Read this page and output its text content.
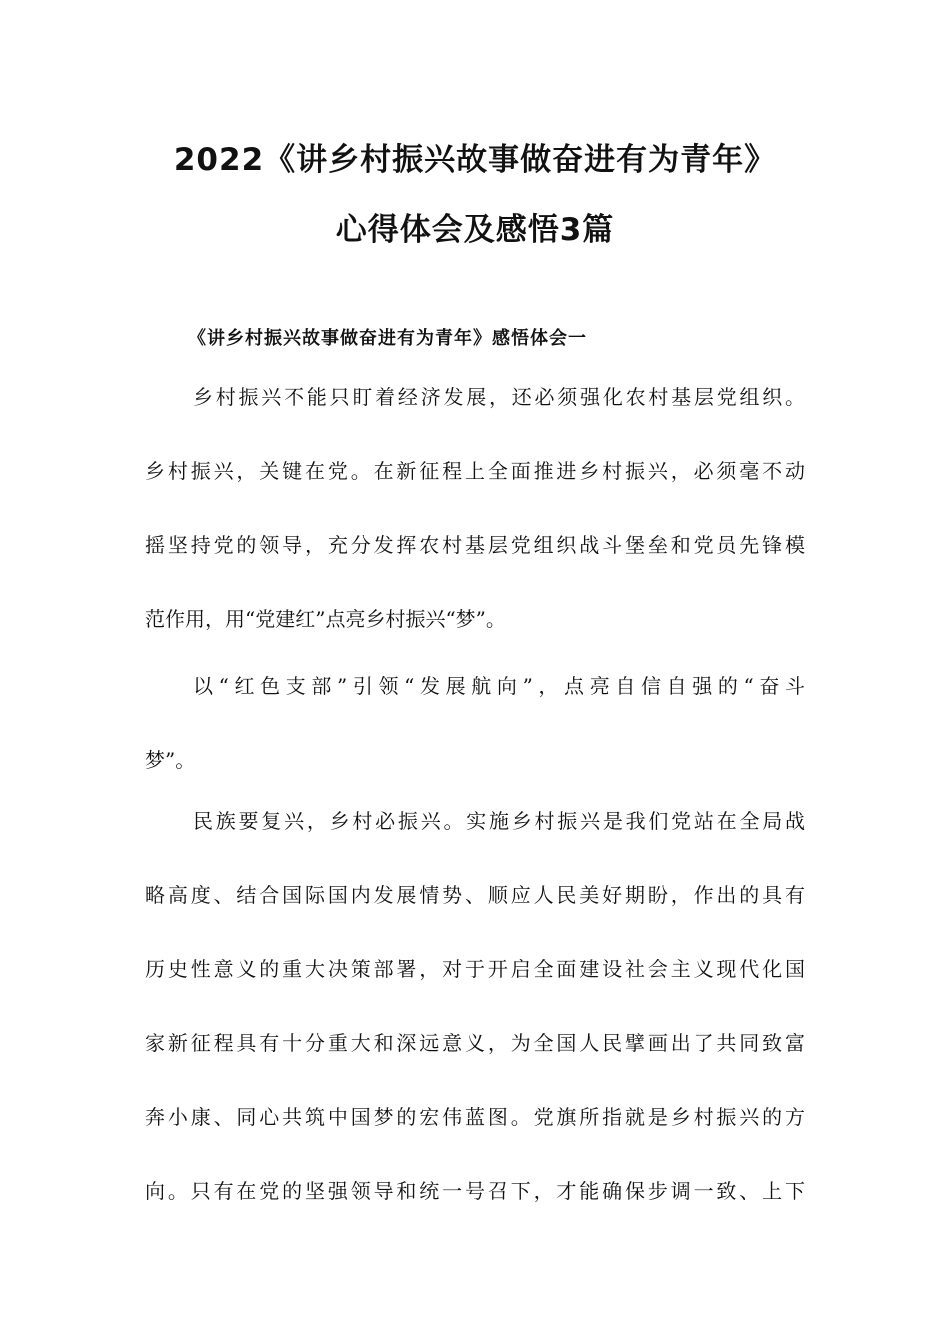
2022《讲乡村振兴故事做奋进有为青年》
心得体会及感悟3篇
《讲乡村振兴故事做奋进有为青年》感悟体会一
乡村振兴不能只盯着经济发展，还必须强化农村基层党组织。
乡村振兴，关键在党。在新征程上全面推进乡村振兴，必须毫不动
摇坚持党的领导，充分发挥农村基层党组织战斗堡垒和党员先锋模
范作用，用“党建红”点亮乡村振兴“梦”。
以“红色支部”引领“发展航向”，点亮自信自强的“奋斗
梦”。
民族要复兴，乡村必振兴。实施乡村振兴是我们党站在全局战
略高度、结合国际国内发展情势、顺应人民美好期盼，作出的具有
历史性意义的重大决策部署，对于开启全面建设社会主义现代化国
家新征程具有十分重大和深远意义，为全国人民擘画出了共同致富
奔小康、同心共筑中国梦的宏伟蓝图。党旗所指就是乡村振兴的方
向。只有在党的坚强领导和统一号召下，才能确保步调一致、上下
